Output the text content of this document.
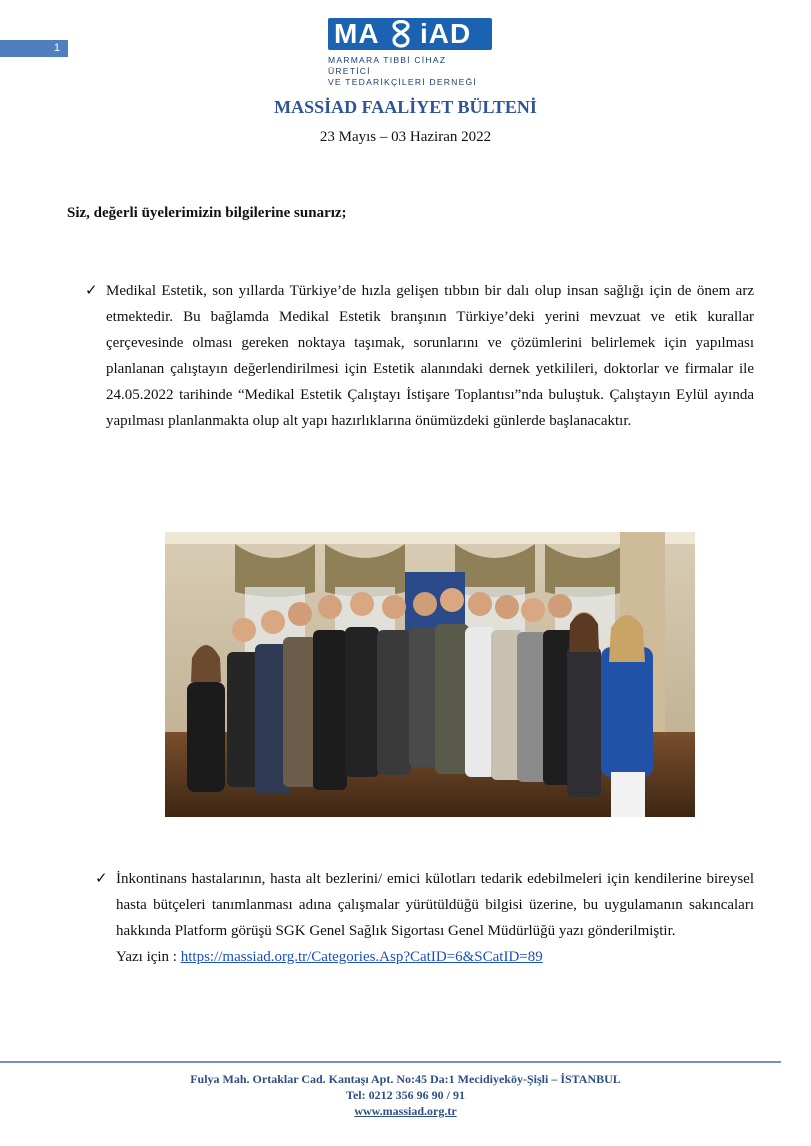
1	MA iAD
MARMARA TIBBİ CİHAZ ÜRETİCİ
VE TEDARİKÇİLERİ DERNEĞİ
MASSİAD FAALİYET BÜLTENİ
23 Mayıs – 03 Haziran 2022
Siz, değerli üyelerimizin bilgilerine sunarız;
✓ Medikal Estetik, son yıllarda Türkiye’de hızla gelişen tıbbın bir dalı olup insan sağlığı için de önem arz etmektedir. Bu bağlamda Medikal Estetik branşının Türkiye’deki yerini mevzuat ve etik kurallar çerçevesinde olması gereken noktaya taşımak, sorunlarını ve çözümlerini belirlemek için yapılması planlanan çalıştayın değerlendirilmesi için Estetik alanındaki dernek yetkilileri, doktorlar ve firmalar ile 24.05.2022 tarihinde “Medikal Estetik Çalıştayı İstişare Toplantısı”nda buluştuk. Çalıştayın Eylül ayında yapılması planlanmakta olup alt yapı hazırlıklarına önümüzdeki günlerde başlanacaktır.
✓ İnkontinans hastalarının, hasta alt bezlerini/ emici külotları tedarik edebilmeleri için kendilerine bireysel hasta bütçeleri tanımlanması adına çalışmalar yürütüldüğü bilgisi üzerine, bu uygulamanın sakıncaları hakkında Platform görüşü SGK Genel Sağlık Sigortası Genel Müdürlüğü yazı gönderilmiştir.
Yazı için : https://massiad.org.tr/Categories.Asp?CatID=6&SCatID=89
Fulya Mah. Ortaklar Cad. Kantaşı Apt. No:45 Da:1 Mecidiyeköy-Şişli – İSTANBUL
Tel: 0212 356 96 90 / 91
www.massiad.org.tr
